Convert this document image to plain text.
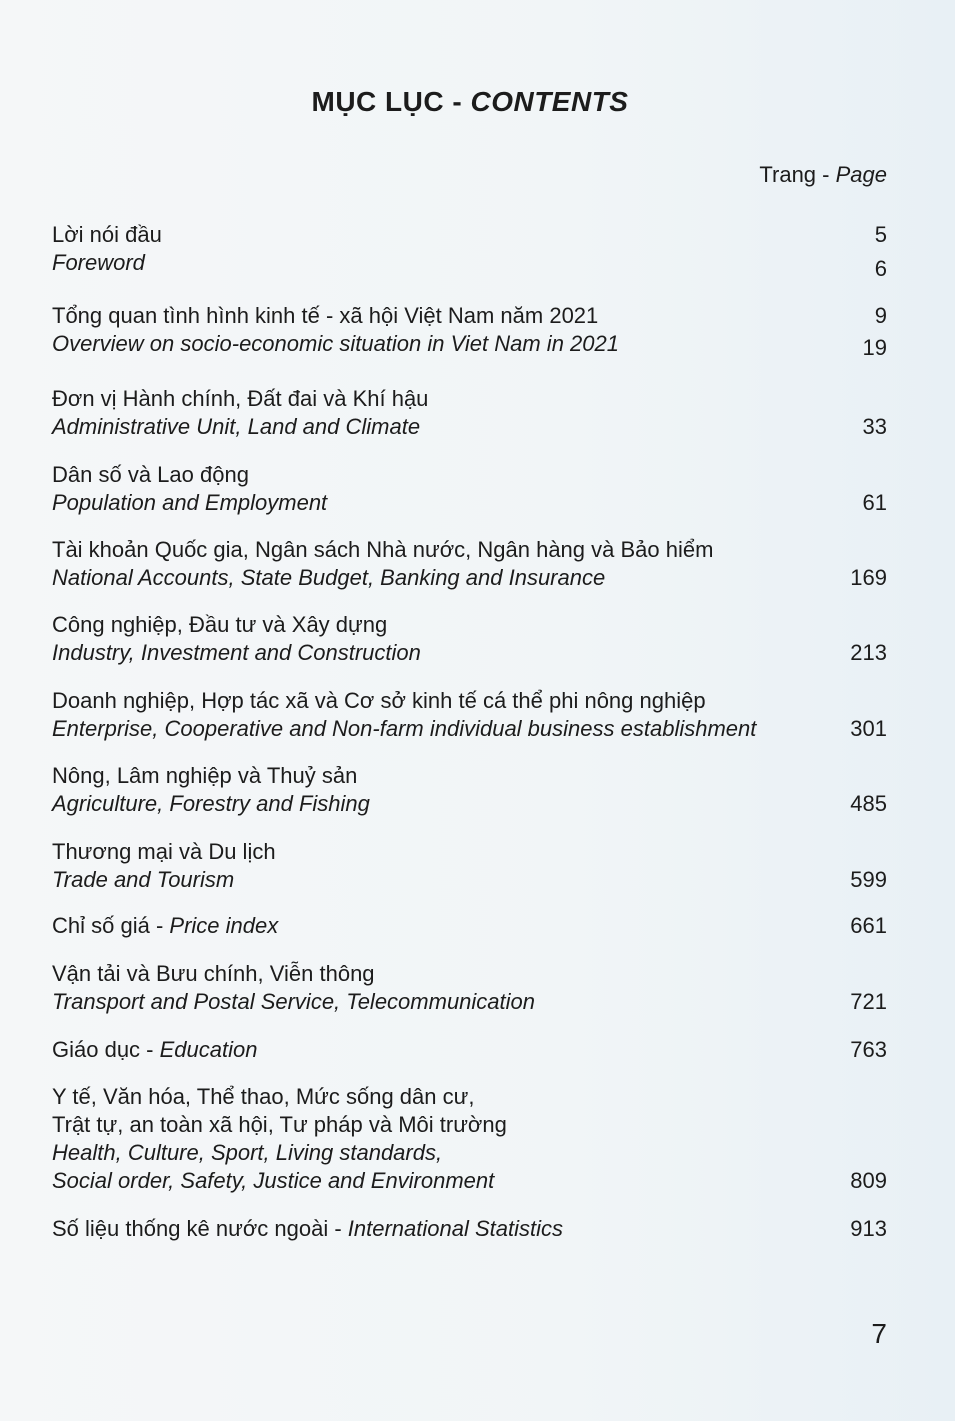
MỤC LỤC - CONTENTS
Trang - Page
Lời nói đầu	5
Foreword	6
Tổng quan tình hình kinh tế - xã hội Việt Nam năm 2021	9
Overview on socio-economic situation in Viet Nam in 2021	19
Đơn vị Hành chính, Đất đai và Khí hậu
Administrative Unit, Land and Climate	33
Dân số và Lao động
Population and Employment	61
Tài khoản Quốc gia, Ngân sách Nhà nước, Ngân hàng và Bảo hiểm
National Accounts, State Budget, Banking and Insurance	169
Công nghiệp, Đầu tư và Xây dựng
Industry, Investment and Construction	213
Doanh nghiệp, Hợp tác xã và Cơ sở kinh tế cá thể phi nông nghiệp
Enterprise, Cooperative and Non-farm individual business establishment	301
Nông, Lâm nghiệp và Thuỷ sản
Agriculture, Forestry and Fishing	485
Thương mại và Du lịch
Trade and Tourism	599
Chỉ số giá - Price index	661
Vận tải và Bưu chính, Viễn thông
Transport and Postal Service, Telecommunication	721
Giáo dục - Education	763
Y tế, Văn hóa, Thể thao, Mức sống dân cư,
Trật tự, an toàn xã hội, Tư pháp và Môi trường
Health, Culture, Sport, Living standards,
Social order, Safety, Justice and Environment	809
Số liệu thống kê nước ngoài - International Statistics	913
7
